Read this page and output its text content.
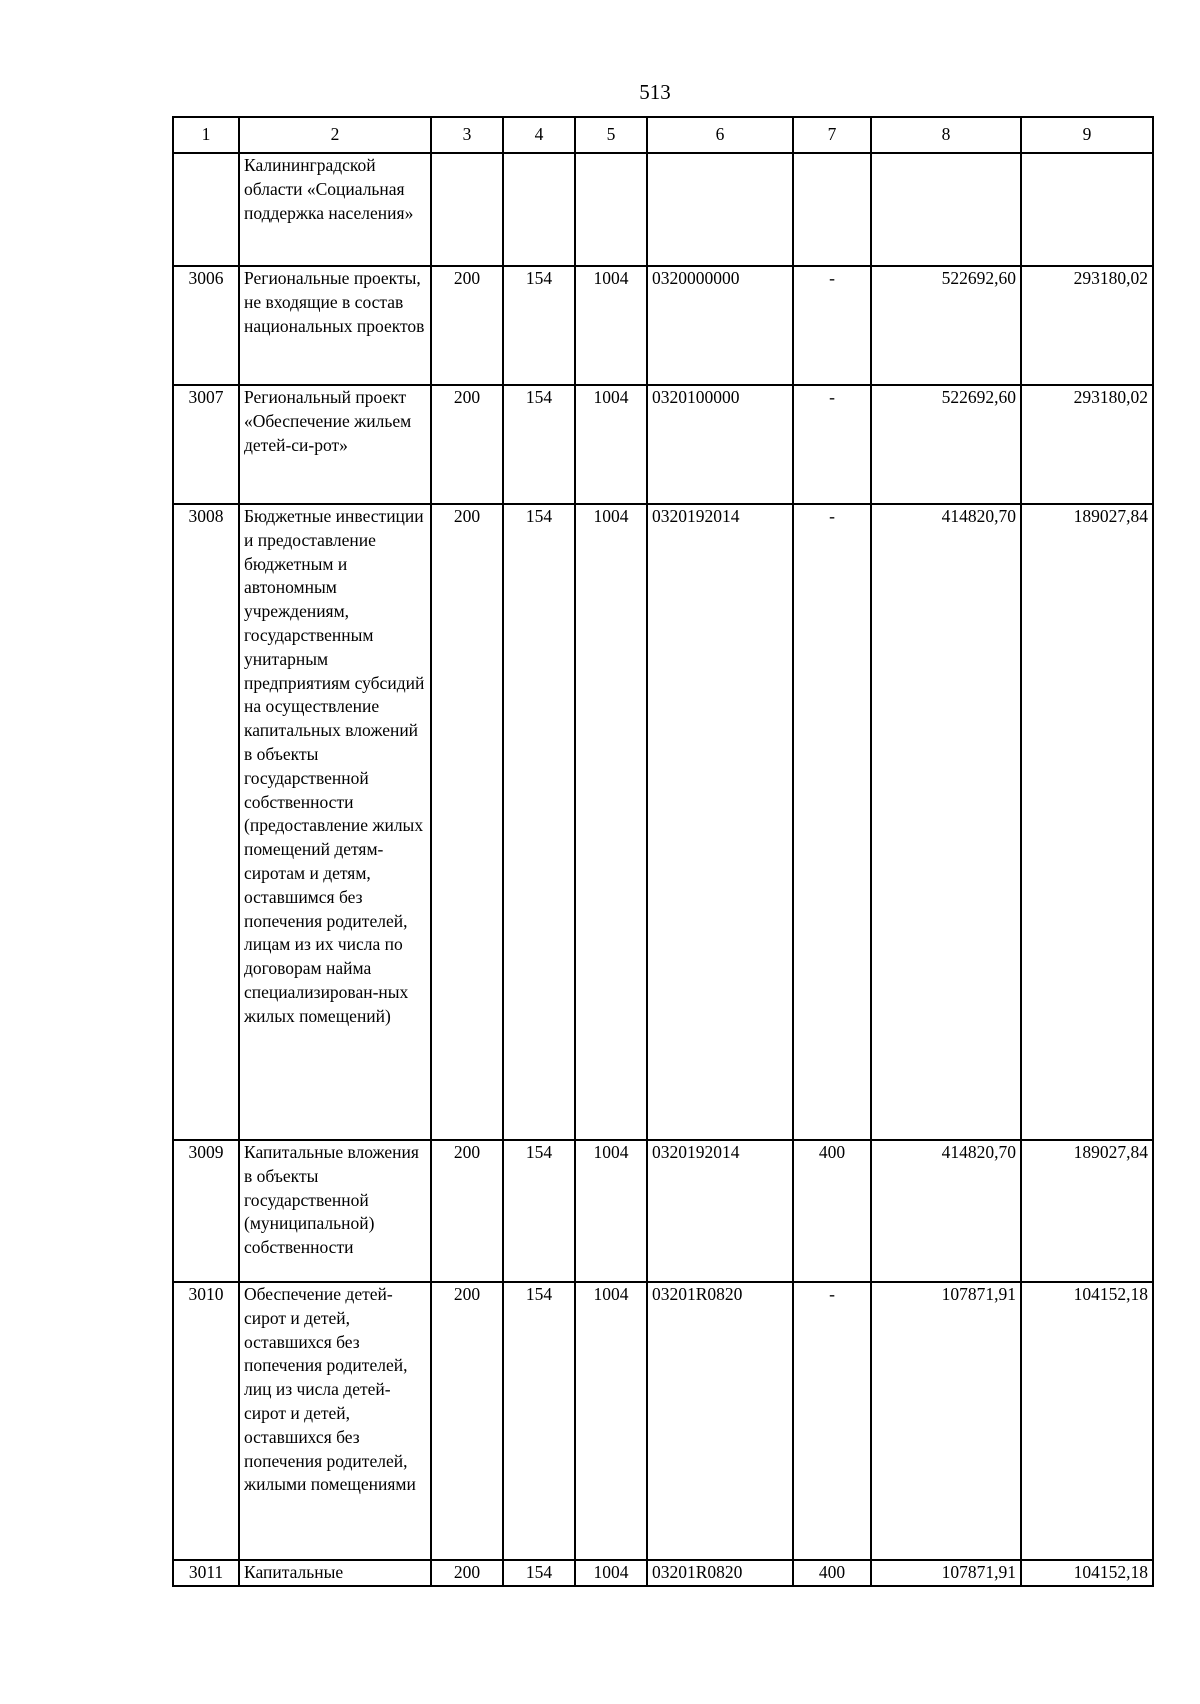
513
1	2	3	4	5	6	7	8	9
	Калининградской области «Социальная поддержка населения»							
3006	Региональные проекты, не входящие в состав национальных проектов	200	154	1004	0320000000	-	522692,60	293180,02
3007	Региональный проект «Обеспечение жильем детей-си-рот»	200	154	1004	0320100000	-	522692,60	293180,02
3008	Бюджетные инвестиции и предоставление бюджетным и автономным учреждениям, государственным унитарным предприятиям субсидий на осуществление капитальных вложений в объекты государственной собственности (предоставление жилых помещений детям-сиротам и детям, оставшимся без попечения родителей, лицам из их числа по договорам найма специализирован-ных жилых помещений)	200	154	1004	0320192014	-	414820,70	189027,84
3009	Капитальные вложения в объекты государственной (муниципальной) собственности	200	154	1004	0320192014	400	414820,70	189027,84
3010	Обеспечение детей-сирот и детей, оставшихся без попечения родителей, лиц из числа детей-сирот и детей, оставшихся без попечения родителей, жилыми помещениями	200	154	1004	03201R0820	-	107871,91	104152,18
3011	Капитальные	200	154	1004	03201R0820	400	107871,91	104152,18
